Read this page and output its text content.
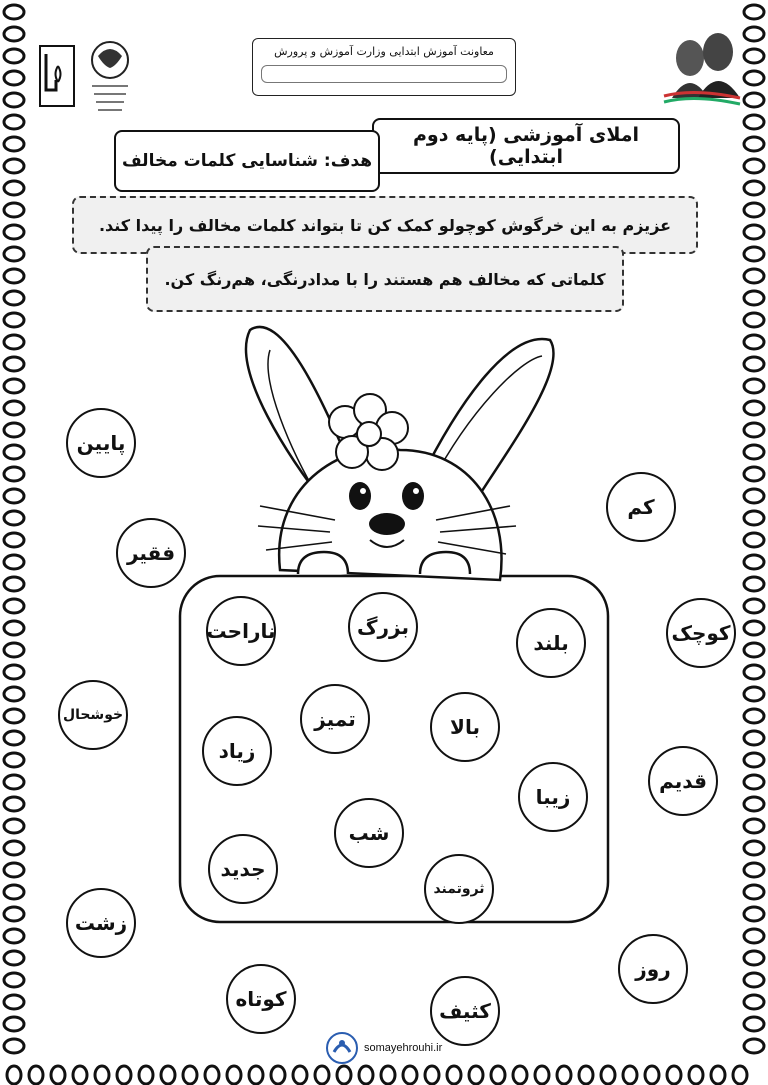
معاونت آموزش ابتدایی وزارت آموزش و پرورش
املای آموزشی (پایه دوم ابتدایی)
هدف: شناسایی کلمات مخالف
عزیزم به این خرگوش کوچولو کمک کن تا بتواند کلمات مخالف را پیدا کند.
کلماتی که مخالف هم هستند را با مدادرنگی، هم‌رنگ کن.
پایین
فقیر
خوشحال
زشت
کوتاه	کثیف
روز
قدیم
کوچک
کم
ناراحت	بزرگ
بلند
تمیز	بالا
زیاد
زیبا
شب
جدید
ثروتمند
somayehrouhi.ir
